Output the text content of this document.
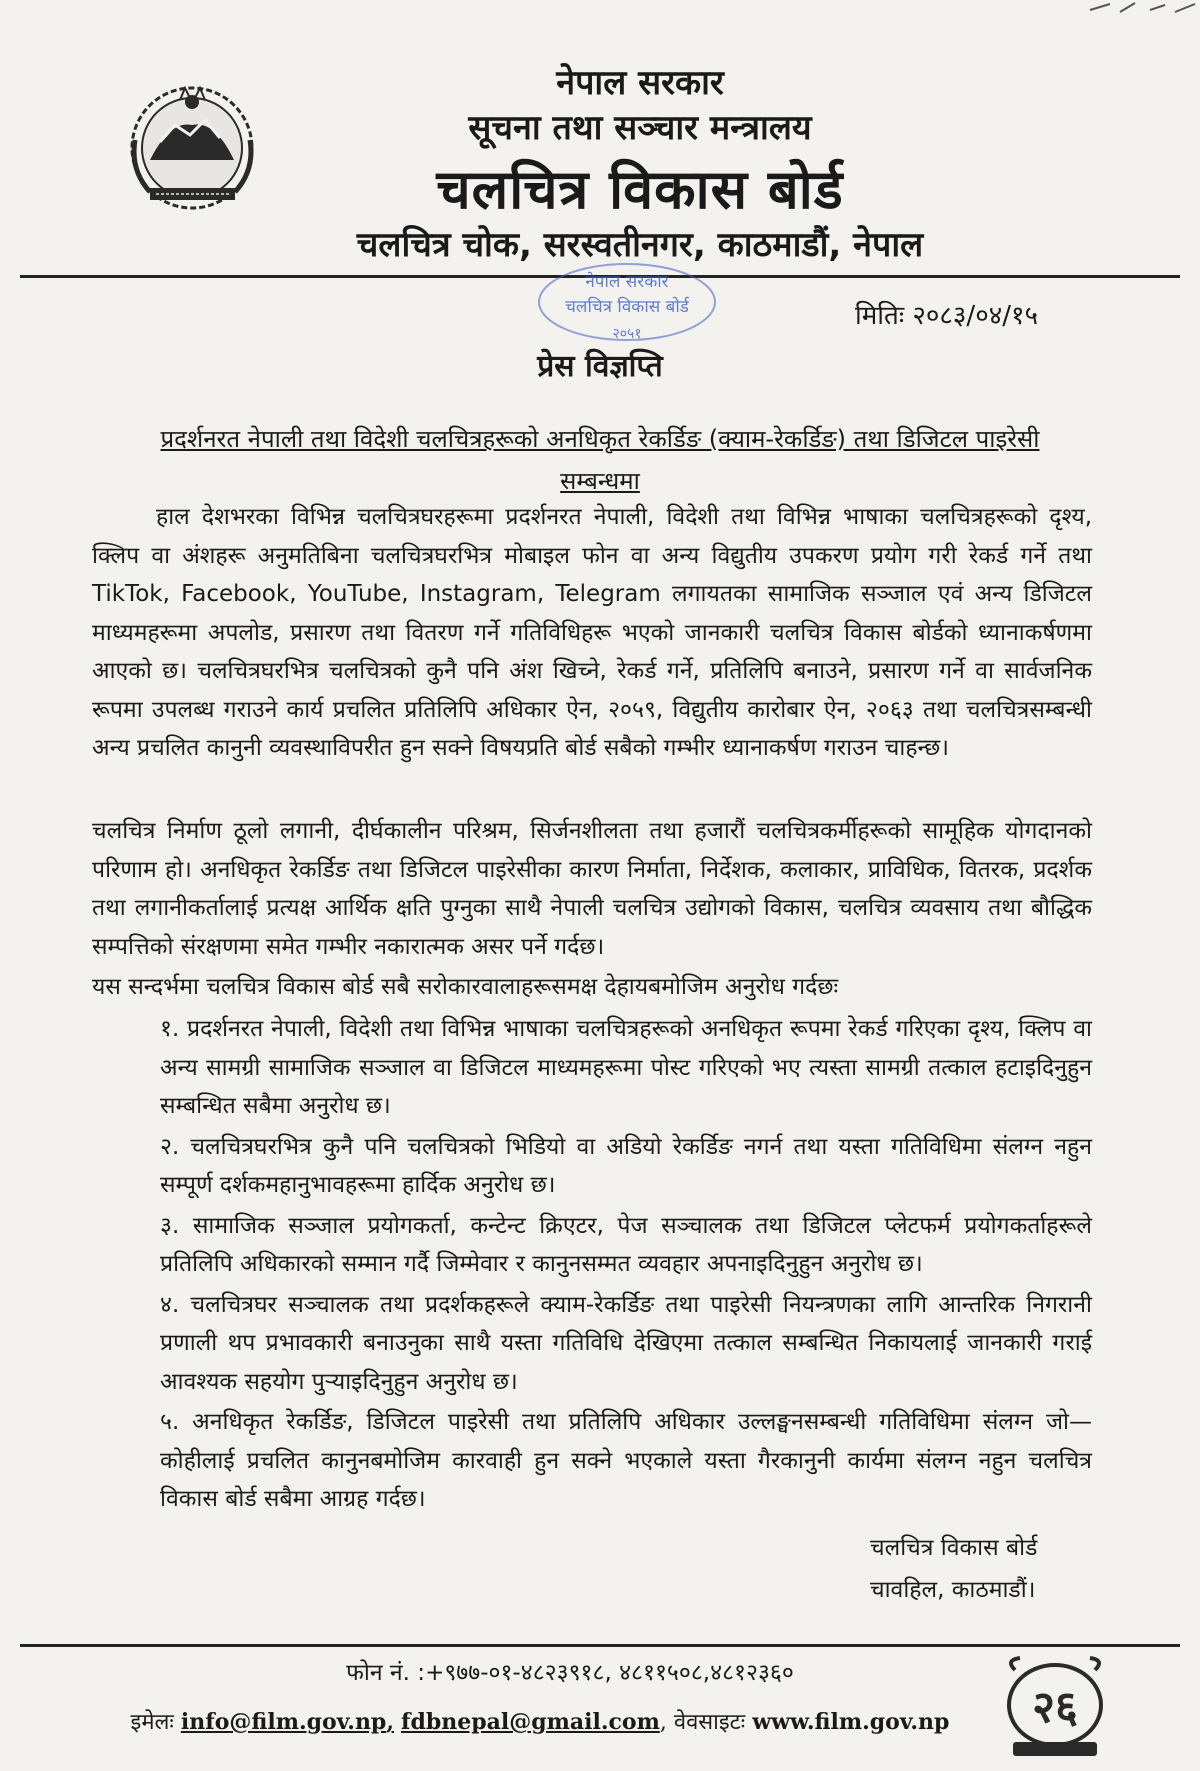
नेपाल सरकार
सूचना तथा सञ्चार मन्त्रालय
चलचित्र विकास बोर्ड
चलचित्र चोक, सरस्वतीनगर, काठमाडौं, नेपाल
नेपाल सरकार
चलचित्र विकास बोर्ड
२०५१
मितिः २०८३/०४/१५
प्रेस विज्ञप्ति
प्रदर्शनरत नेपाली तथा विदेशी चलचित्रहरूको अनधिकृत रेकर्डिङ (क्याम-रेकर्डिङ) तथा डिजिटल पाइरेसी सम्बन्धमा
हाल देशभरका विभिन्न चलचित्रघरहरूमा प्रदर्शनरत नेपाली, विदेशी तथा विभिन्न भाषाका चलचित्रहरूको दृश्य, क्लिप वा अंशहरू अनुमतिबिना चलचित्रघरभित्र मोबाइल फोन वा अन्य विद्युतीय उपकरण प्रयोग गरी रेकर्ड गर्ने तथा TikTok, Facebook, YouTube, Instagram, Telegram लगायतका सामाजिक सञ्जाल एवं अन्य डिजिटल माध्यमहरूमा अपलोड, प्रसारण तथा वितरण गर्ने गतिविधिहरू भएको जानकारी चलचित्र विकास बोर्डको ध्यानाकर्षणमा आएको छ। चलचित्रघरभित्र चलचित्रको कुनै पनि अंश खिच्ने, रेकर्ड गर्ने, प्रतिलिपि बनाउने, प्रसारण गर्ने वा सार्वजनिक रूपमा उपलब्ध गराउने कार्य प्रचलित प्रतिलिपि अधिकार ऐन, २०५९, विद्युतीय कारोबार ऐन, २०६३ तथा चलचित्रसम्बन्धी अन्य प्रचलित कानुनी व्यवस्थाविपरीत हुन सक्ने विषयप्रति बोर्ड सबैको गम्भीर ध्यानाकर्षण गराउन चाहन्छ।
चलचित्र निर्माण ठूलो लगानी, दीर्घकालीन परिश्रम, सिर्जनशीलता तथा हजारौं चलचित्रकर्मीहरूको सामूहिक योगदानको परिणाम हो। अनधिकृत रेकर्डिङ तथा डिजिटल पाइरेसीका कारण निर्माता, निर्देशक, कलाकार, प्राविधिक, वितरक, प्रदर्शक तथा लगानीकर्तालाई प्रत्यक्ष आर्थिक क्षति पुग्नुका साथै नेपाली चलचित्र उद्योगको विकास, चलचित्र व्यवसाय तथा बौद्धिक सम्पत्तिको संरक्षणमा समेत गम्भीर नकारात्मक असर पर्ने गर्दछ।
यस सन्दर्भमा चलचित्र विकास बोर्ड सबै सरोकारवालाहरूसमक्ष देहायबमोजिम अनुरोध गर्दछः

१. प्रदर्शनरत नेपाली, विदेशी तथा विभिन्न भाषाका चलचित्रहरूको अनधिकृत रूपमा रेकर्ड गरिएका दृश्य, क्लिप वा अन्य सामग्री सामाजिक सञ्जाल वा डिजिटल माध्यमहरूमा पोस्ट गरिएको भए त्यस्ता सामग्री तत्काल हटाइदिनुहुन सम्बन्धित सबैमा अनुरोध छ।

२. चलचित्रघरभित्र कुनै पनि चलचित्रको भिडियो वा अडियो रेकर्डिङ नगर्न तथा यस्ता गतिविधिमा संलग्न नहुन सम्पूर्ण दर्शकमहानुभावहरूमा हार्दिक अनुरोध छ।

३. सामाजिक सञ्जाल प्रयोगकर्ता, कन्टेन्ट क्रिएटर, पेज सञ्चालक तथा डिजिटल प्लेटफर्म प्रयोगकर्ताहरूले प्रतिलिपि अधिकारको सम्मान गर्दै जिम्मेवार र कानुनसम्मत व्यवहार अपनाइदिनुहुन अनुरोध छ।

४. चलचित्रघर सञ्चालक तथा प्रदर्शकहरूले क्याम-रेकर्डिङ तथा पाइरेसी नियन्त्रणका लागि आन्तरिक निगरानी प्रणाली थप प्रभावकारी बनाउनुका साथै यस्ता गतिविधि देखिएमा तत्काल सम्बन्धित निकायलाई जानकारी गराई आवश्यक सहयोग पुर्‍याइदिनुहुन अनुरोध छ।

५. अनधिकृत रेकर्डिङ, डिजिटल पाइरेसी तथा प्रतिलिपि अधिकार उल्लङ्घनसम्बन्धी गतिविधिमा संलग्न जो— कोहीलाई प्रचलित कानुनबमोजिम कारवाही हुन सक्ने भएकाले यस्ता गैरकानुनी कार्यमा संलग्न नहुन चलचित्र विकास बोर्ड सबैमा आग्रह गर्दछ।

चलचित्र विकास बोर्ड
चावहिल, काठमाडौं।
फोन नं. :+९७७-०१-४८२३९१८, ४८११५०८,४८१२३६०
इमेलः info@film.gov.np, fdbnepal@gmail.com, वेवसाइटः www.film.gov.np	२६
